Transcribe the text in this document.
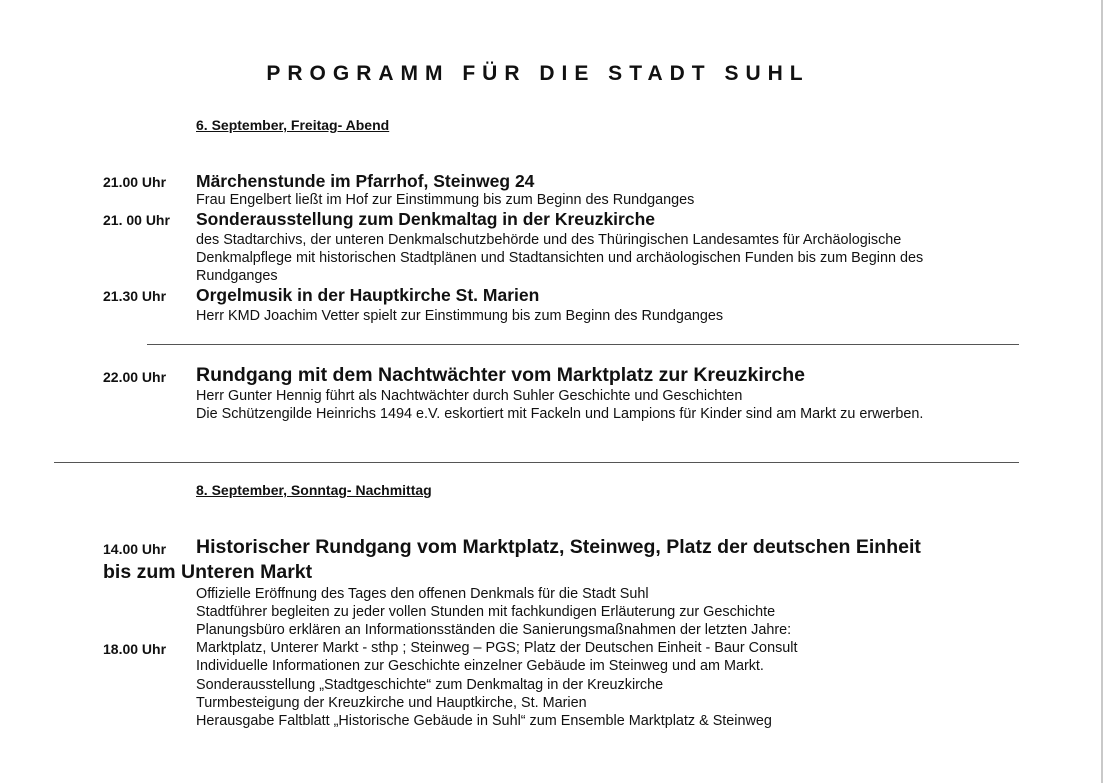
PROGRAMM FÜR DIE STADT SUHL
6. September, Freitag- Abend
21.00 Uhr Märchenstunde im Pfarrhof, Steinweg 24
Frau Engelbert ließt im Hof zur Einstimmung bis zum Beginn des Rundganges
21. 00 Uhr Sonderausstellung zum Denkmaltag in der Kreuzkirche
des Stadtarchivs, der unteren Denkmalschutzbehörde und des Thüringischen Landesamtes für Archäologische
Denkmalpflege mit historischen Stadtplänen und Stadtansichten und archäologischen Funden bis zum Beginn des
Rundganges
21.30 Uhr Orgelmusik in der Hauptkirche St. Marien
Herr KMD Joachim Vetter spielt zur Einstimmung bis zum Beginn des Rundganges
22.00 Uhr Rundgang mit dem Nachtwächter vom Marktplatz zur Kreuzkirche
Herr Gunter Hennig führt als Nachtwächter durch Suhler Geschichte und Geschichten
Die Schützengilde Heinrichs 1494 e.V. eskortiert mit Fackeln und Lampions für Kinder sind am Markt zu erwerben.
8. September, Sonntag- Nachmittag
14.00 Uhr Historischer Rundgang vom Marktplatz, Steinweg, Platz der deutschen Einheit
bis zum Unteren Markt
Offizielle Eröffnung des Tages den offenen Denkmals für die Stadt Suhl
Stadtführer begleiten zu jeder vollen Stunden mit fachkundigen Erläuterung zur Geschichte
Planungsbüro erklären an Informationsständen die Sanierungsmaßnahmen der letzten Jahre:
18.00 Uhr Marktplatz, Unterer Markt - sthp ; Steinweg – PGS; Platz der Deutschen Einheit - Baur Consult
Individuelle Informationen zur Geschichte einzelner Gebäude im Steinweg und am Markt.
Sonderausstellung „Stadtgeschichte“ zum Denkmaltag in der Kreuzkirche
Turmbesteigung der Kreuzkirche und Hauptkirche, St. Marien
Herausgabe Faltblatt „Historische Gebäude in Suhl“ zum Ensemble Marktplatz & Steinweg
